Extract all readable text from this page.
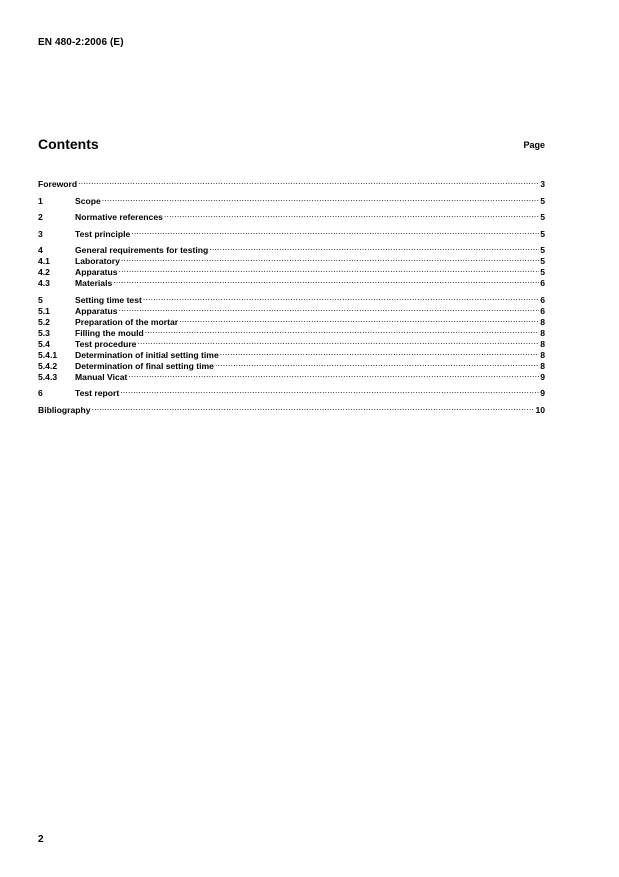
EN 480-2:2006 (E)
Contents	Page
Foreword .....	3
1	Scope .....	5
2	Normative references .....	5
3	Test principle .....	5
4	General requirements for testing .....	5
4.1	Laboratory .....	5
4.2	Apparatus .....	5
4.3	Materials .....	6
5	Setting time test .....	6
5.1	Apparatus .....	6
5.2	Preparation of the mortar .....	8
5.3	Filling the mould .....	8
5.4	Test procedure .....	8
5.4.1	Determination of initial setting time .....	8
5.4.2	Determination of final setting time .....	8
5.4.3	Manual Vicat .....	9
6	Test report .....	9
Bibliography .....	10
2
